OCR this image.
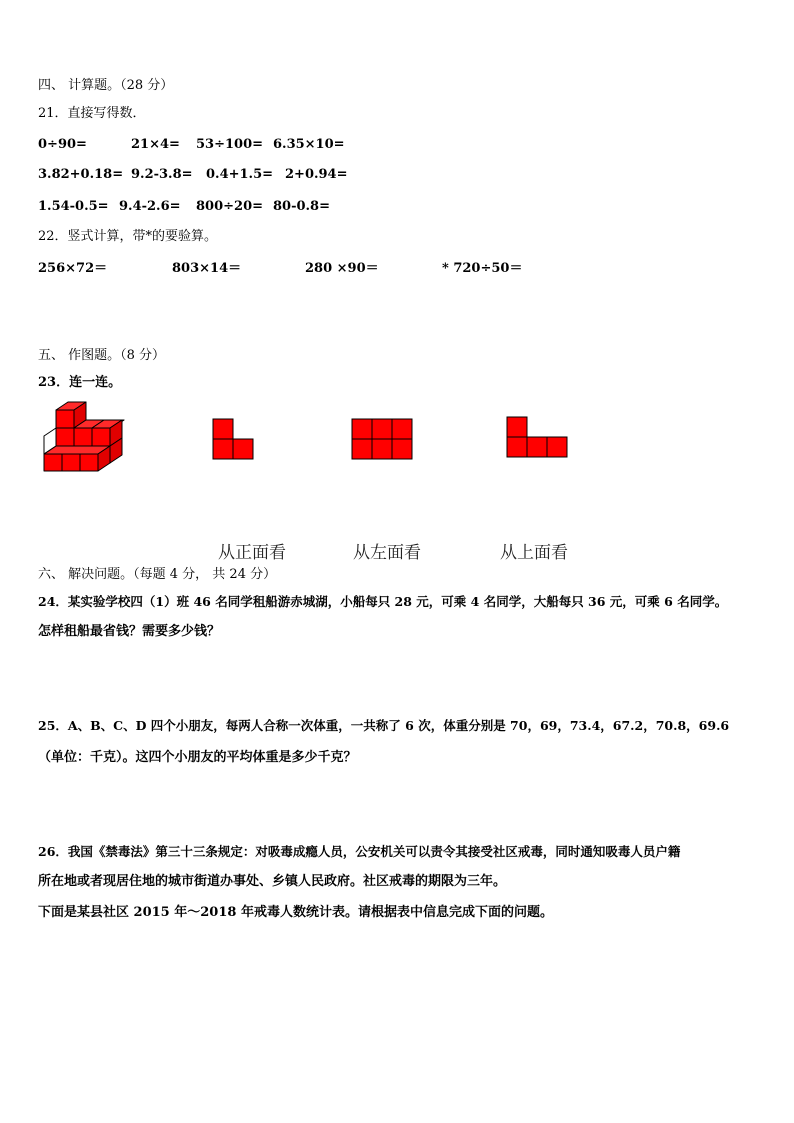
四、 计算题。（28 分）
21．直接写得数．
0÷90=	21×4= 53÷100= 6.35×10=
3.82+0.18= 9.2-3.8= 0.4+1.5= 2+0.94=
1.54-0.5= 9.4-2.6= 800÷20= 80-0.8=
22．竖式计算，带*的要验算。
256×72＝	803×14＝	280 ×90＝	* 720÷50＝
五、 作图题。（8 分）
23．连一连。
从正面看	从左面看	从上面看
六、 解决问题。（每题 4 分， 共 24 分）
24．某实验学校四（1）班 46 名同学租船游赤城湖，小船每只 28 元，可乘 4 名同学，大船每只 36 元，可乘 6 名同学。
怎样租船最省钱？需要多少钱？
25．A、B、C、D 四个小朋友，每两人合称一次体重，一共称了 6 次，体重分别是 70，69，73.4，67.2，70.8，69.6
（单位：千克）。这四个小朋友的平均体重是多少千克？
26．我国《禁毒法》第三十三条规定：对吸毒成瘾人员，公安机关可以责令其接受社区戒毒，同时通知吸毒人员户籍
所在地或者现居住地的城市街道办事处、乡镇人民政府。社区戒毒的期限为三年。
下面是某县社区 2015 年～2018 年戒毒人数统计表。请根据表中信息完成下面的问题。
